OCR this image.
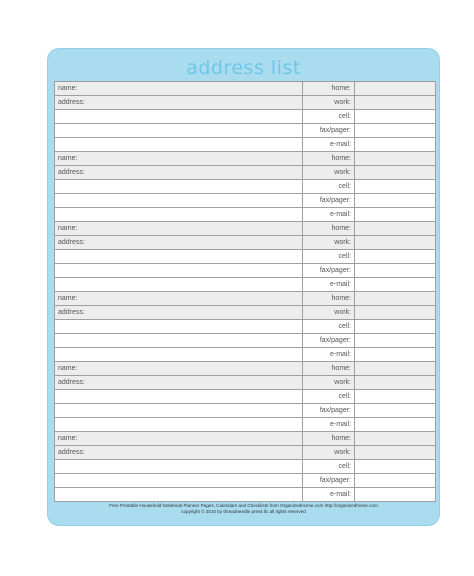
address list
name:	home:
address:	work:
cell:
fax/pager:
e-mail:
name:	home:
address:	work:
cell:
fax/pager:
e-mail:
name:	home:
address:	work:
cell:
fax/pager:
e-mail:
name:	home:
address:	work:
cell:
fax/pager:
e-mail:
name:	home:
address:	work:
cell:
fax/pager:
e-mail:
name:	home:
address:	work:
cell:
fax/pager:
e-mail:
Free Printable Household Notebook Planner Pages, Calendars and Checklists from OrganizedHome.com http://organizedhome.com
copyright © 2010 by threadneedle press llc all rights reserved
